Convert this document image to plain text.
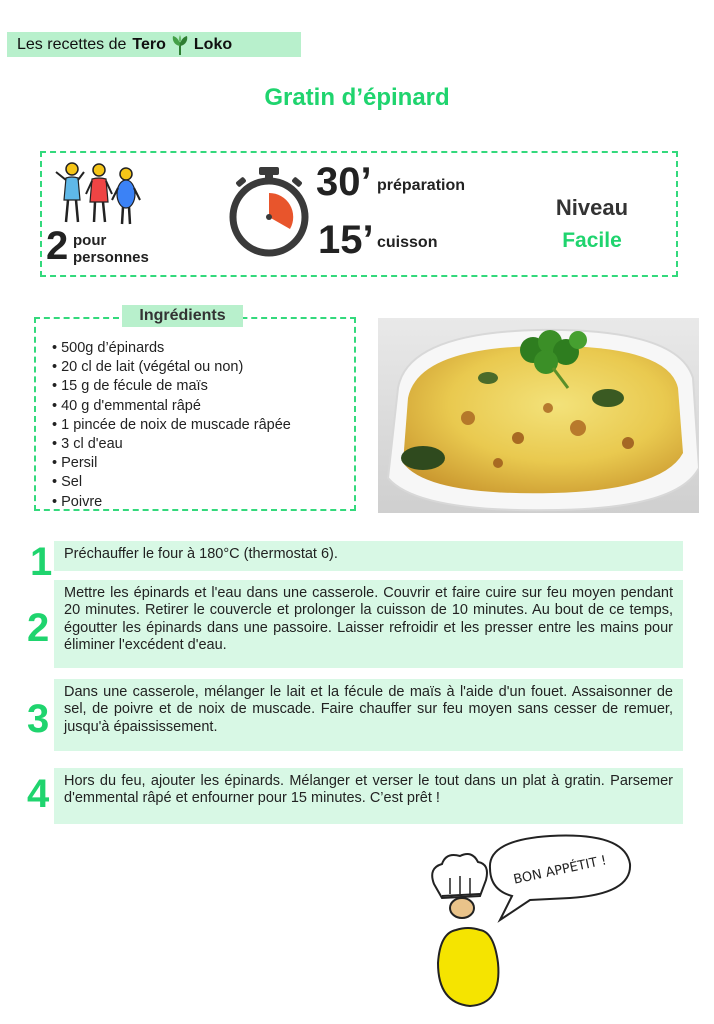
Les recettes de Tero Loko
Gratin d’épinard
2 pour
personnes
30’ préparation
15’ cuisson
Niveau
Facile
Ingrédients
• 500g d’épinards
• 20 cl de lait (végétal ou non)
• 15 g de fécule de maïs
• 40 g d'emmental râpé
• 1 pincée de noix de muscade râpée
• 3 cl d'eau
• Persil
• Sel
• Poivre
1 Préchauffer le four à 180°C (thermostat 6).
2
Mettre les épinards et l'eau dans une casserole. Couvrir et faire cuire sur feu moyen pendant 20 minutes. Retirer le couvercle et prolonger la cuisson de 10 minutes. Au bout de ce temps, égoutter les épinards dans une passoire. Laisser refroidir et les presser entre les mains pour éliminer l'excédent d'eau.
3
Dans une casserole, mélanger le lait et la fécule de maïs à l'aide d'un fouet. Assaisonner de sel, de poivre et de noix de muscade. Faire chauffer sur feu moyen sans cesser de remuer, jusqu'à épaississement.
4	Hors du feu, ajouter les épinards. Mélanger et verser le tout dans un plat à gratin. Parsemer d'emmental râpé et enfourner pour 15 minutes. C’est prêt !
BON APPÉTIT !
